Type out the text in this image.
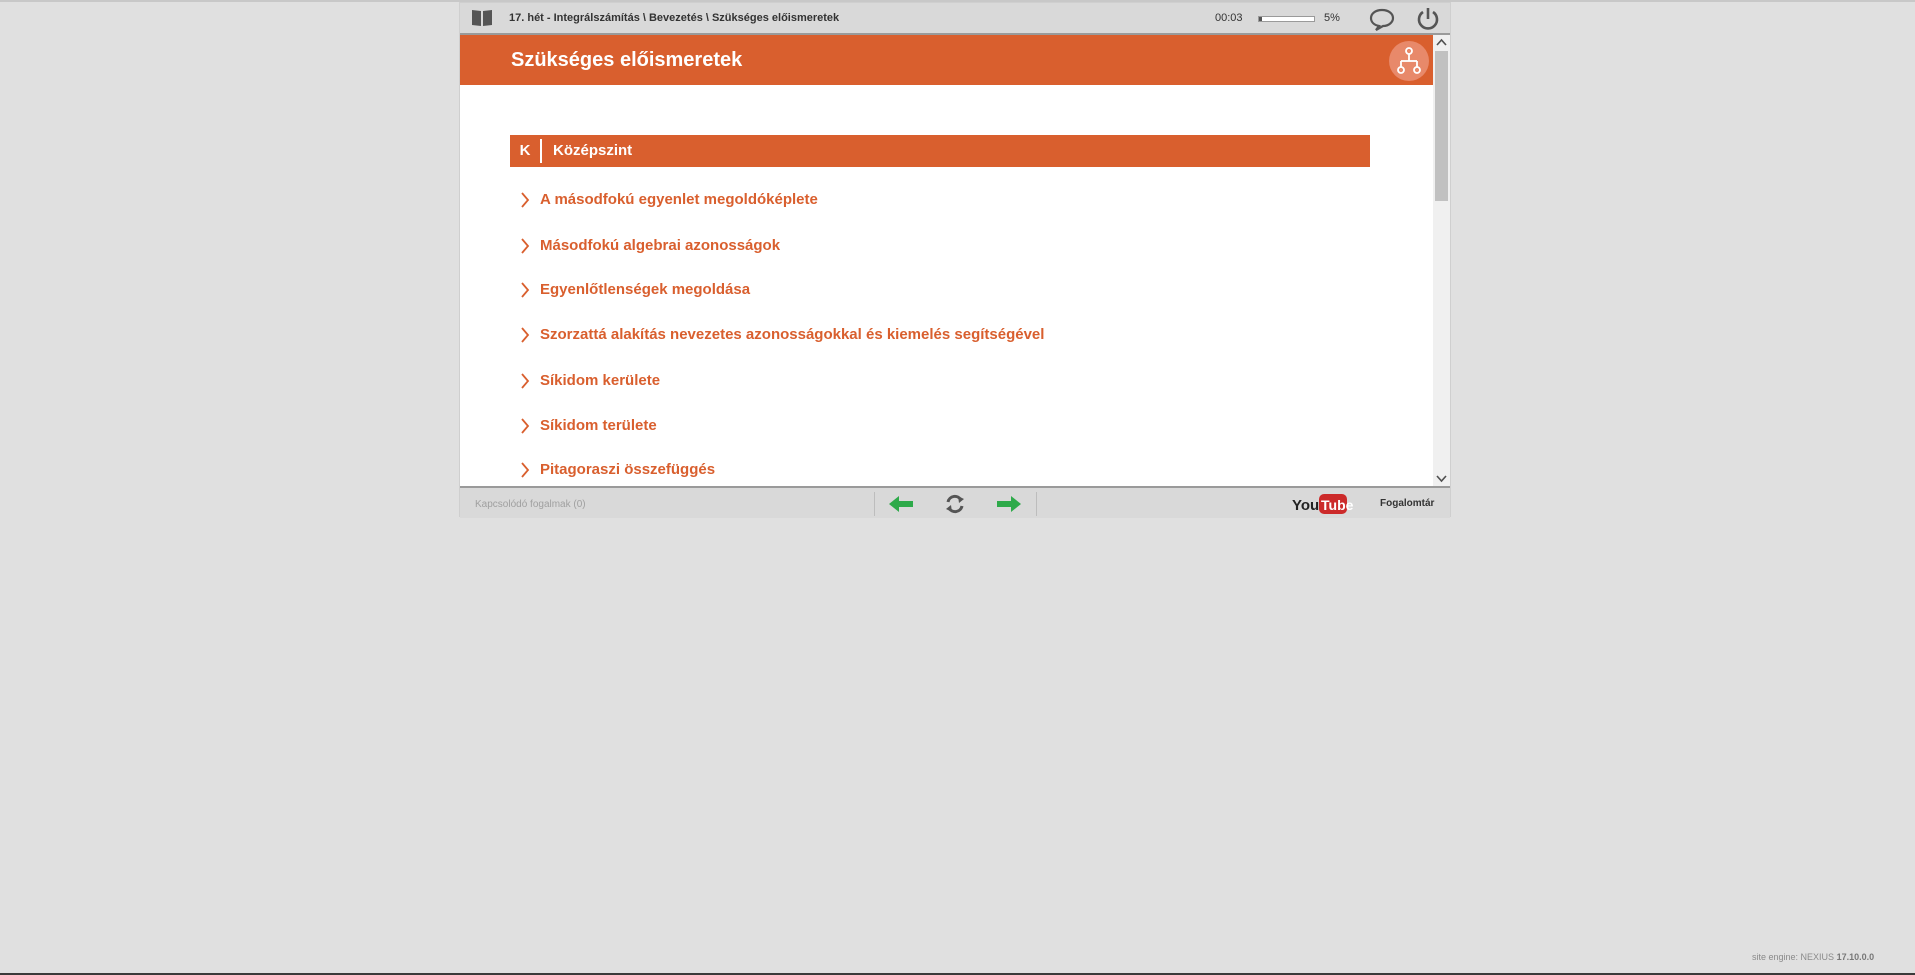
17. hét - Integrálszámítás \ Bevezetés \ Szükséges előismeretek	00:03	5%
Szükséges előismeretek
K	Középszint
A másodfokú egyenlet megoldóképlete
Másodfokú algebrai azonosságok
Egyenlőtlenségek megoldása
Szorzattá alakítás nevezetes azonosságokkal és kiemelés segítségével
Síkidom kerülete
Síkidom területe
Pitagoraszi összefüggés
Kapcsolódó fogalmak (0)	You Tube	Fogalomtár
site engine: NEXIUS 17.10.0.0
